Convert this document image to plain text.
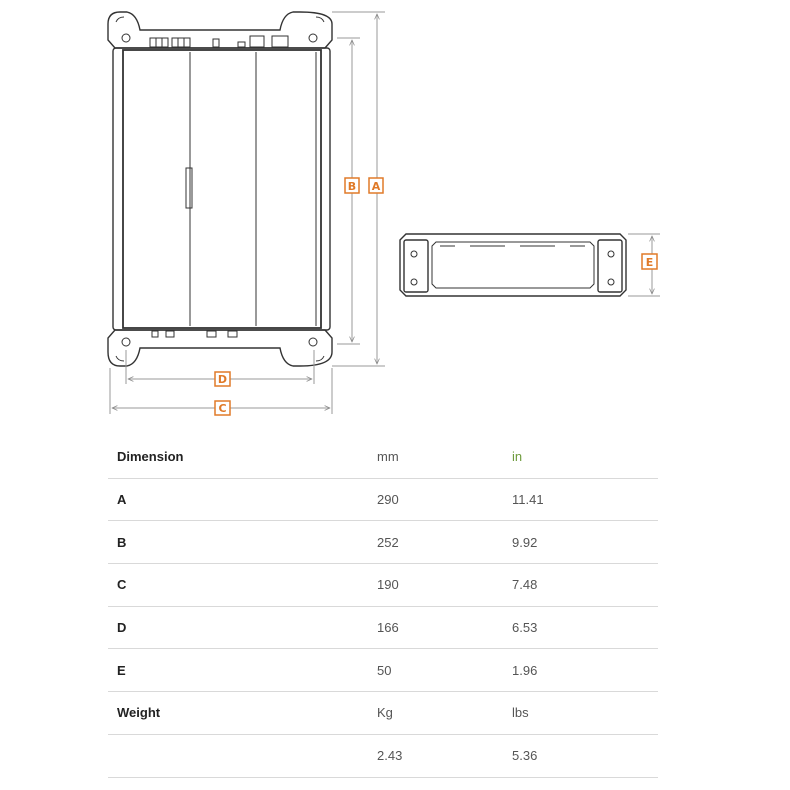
B A
D
C
E
Dimension	mm	in
A	290	11.41
B	252	9.92
C	190	7.48
D	166	6.53
E	50	1.96
Weight	Kg	lbs
	2.43	5.36
